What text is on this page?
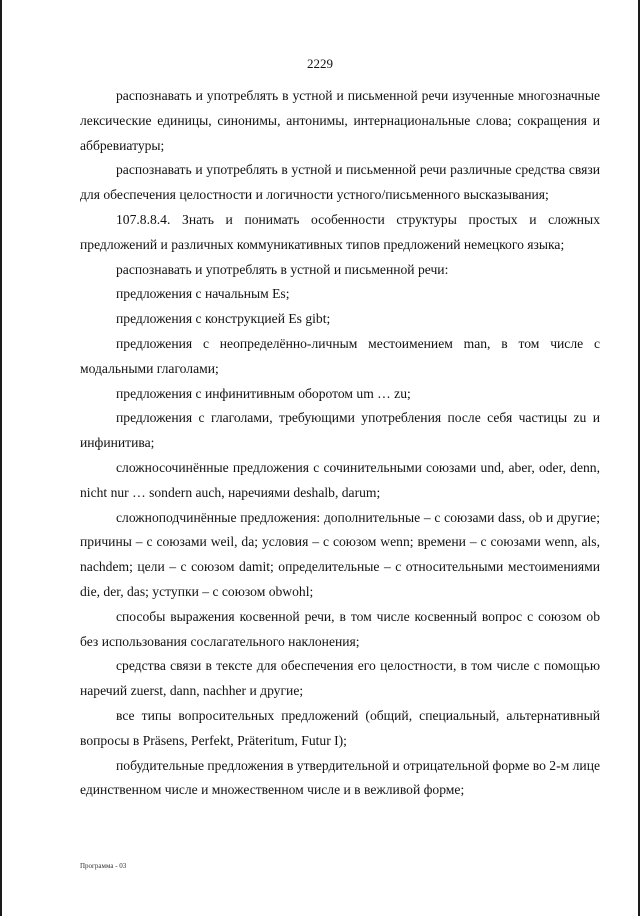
2229

распознавать и употреблять в устной и письменной речи изученные многозначные лексические единицы, синонимы, антонимы, интернациональные слова; сокращения и аббревиатуры;

распознавать и употреблять в устной и письменной речи различные средства связи для обеспечения целостности и логичности устного/письменного высказывания;

107.8.8.4. Знать и понимать особенности структуры простых и сложных предложений и различных коммуникативных типов предложений немецкого языка;

распознавать и употреблять в устной и письменной речи:

предложения с начальным Es;

предложения с конструкцией Es gibt;

предложения с неопределённо-личным местоимением man, в том числе с модальными глаголами;

предложения с инфинитивным оборотом um … zu;

предложения с глаголами, требующими употребления после себя частицы zu и инфинитива;

сложносочинённые предложения с сочинительными союзами und, aber, oder, denn, nicht nur … sondern auch, наречиями deshalb, darum;

сложноподчинённые предложения: дополнительные – с союзами dass, ob и другие; причины – с союзами weil, da; условия – с союзом wenn; времени – с союзами wenn, als, nachdem; цели – с союзом damit; определительные – с относительными местоимениями die, der, das; уступки – с союзом obwohl;

способы выражения косвенной речи, в том числе косвенный вопрос с союзом ob без использования сослагательного наклонения;

средства связи в тексте для обеспечения его целостности, в том числе с помощью наречий zuerst, dann, nachher и другие;

все типы вопросительных предложений (общий, специальный, альтернативный вопросы в Präsens, Perfekt, Präteritum, Futur I);

побудительные предложения в утвердительной и отрицательной форме во 2-м лице единственном числе и множественном числе и в вежливой форме;

Программа - 03
